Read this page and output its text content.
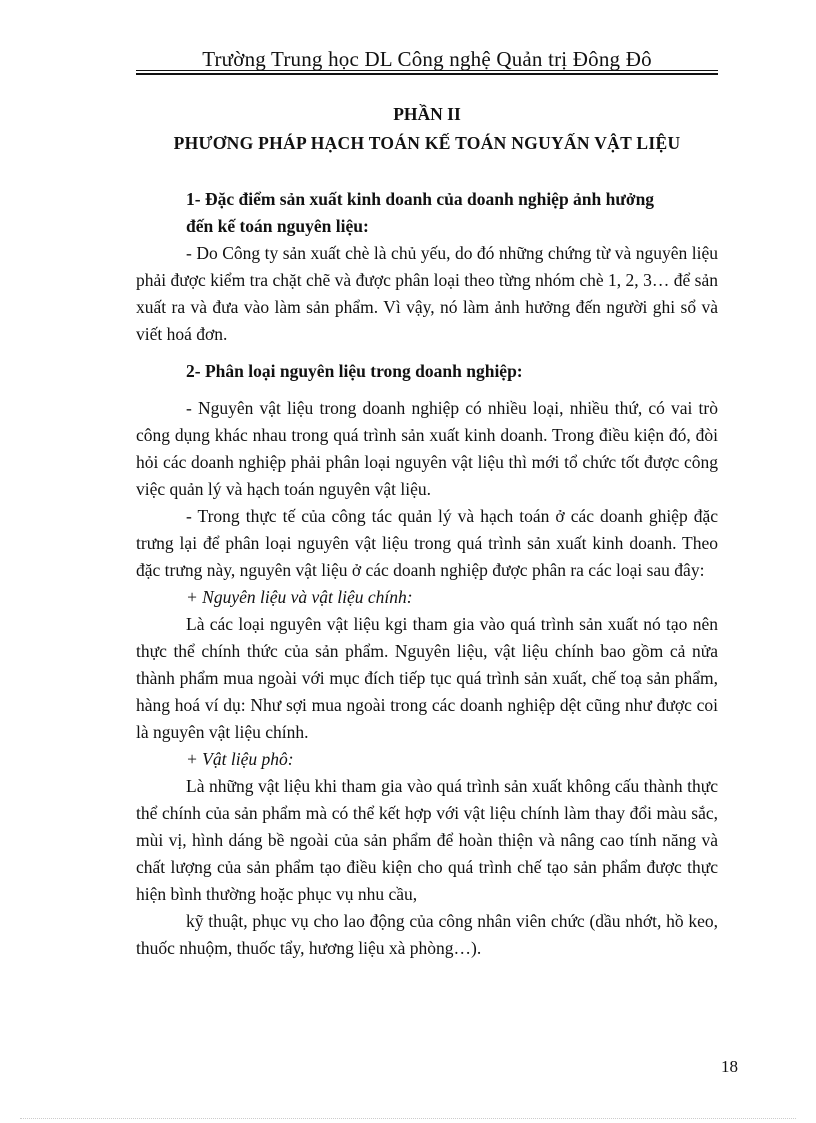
Trường Trung học DL Công nghệ Quản trị Đông Đô
PHẦN II
PHƯƠNG PHÁP HẠCH TOÁN KẾ TOÁN NGUYẤN VẬT LIỆU

1- Đặc điểm sản xuất kinh doanh của doanh nghiệp ảnh hưởng

đến kế toán nguyên liệu:

- Do Công ty sản xuất chè là chủ yếu, do đó những chứng từ và nguyên liệu phải được kiểm tra chặt chẽ và được phân loại theo từng nhóm chè 1, 2, 3… để sản xuất ra và đưa vào làm sản phẩm. Vì vậy, nó làm ảnh hưởng đến người ghi sổ và viết hoá đơn.

2- Phân loại nguyên liệu trong doanh nghiệp:

- Nguyên vật liệu trong doanh nghiệp có nhiều loại, nhiều thứ, có vai trò công dụng khác nhau trong quá trình sản xuất kinh doanh. Trong điều kiện đó, đòi hỏi các doanh nghiệp phải phân loại nguyên vật liệu thì mới tổ chức tốt được công việc quản lý và hạch toán nguyên vật liệu.

- Trong thực tế của công tác quản lý và hạch toán ở các doanh ghiệp đặc trưng lại để phân loại nguyên vật liệu trong quá trình sản xuất kinh doanh. Theo đặc trưng này, nguyên vật liệu ở các doanh nghiệp được phân ra các loại sau đây:

+ Nguyên liệu và vật liệu chính:

Là các loại nguyên vật liệu kgi tham gia vào quá trình sản xuất nó tạo nên thực thể chính thức của sản phẩm. Nguyên liệu, vật liệu chính bao gồm cả nửa thành phẩm mua ngoài với mục đích tiếp tục quá trình sản xuất, chế toạ sản phẩm, hàng hoá ví dụ: Như sợi mua ngoài trong các doanh nghiệp dệt cũng như được coi là nguyên vật liệu chính.

+ Vật liệu phô:

Là những vật liệu khi tham gia vào quá trình sản xuất không cấu thành thực thể chính của sản phẩm mà có thể kết hợp với vật liệu chính làm thay đổi màu sắc, mùi vị, hình dáng bề ngoài của sản phẩm để hoàn thiện và nâng cao tính năng và chất lượng của sản phẩm tạo điều kiện cho quá trình chế tạo sản phẩm được thực hiện bình thường hoặc phục vụ nhu cầu,

kỹ thuật, phục vụ cho lao động của công nhân viên chức (dầu nhớt, hồ keo, thuốc nhuộm, thuốc tẩy, hương liệu xà phòng…).

18
